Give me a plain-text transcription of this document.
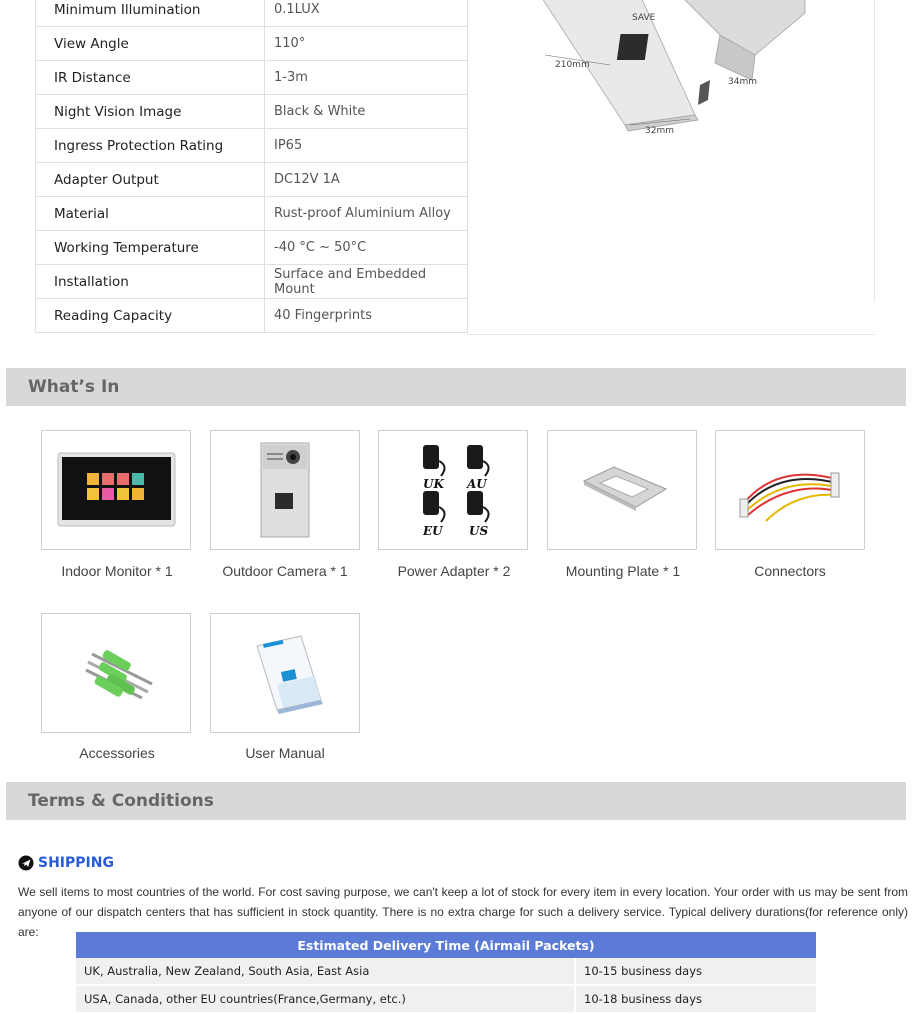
Minimum Illumination	0.1LUX
View Angle	110°
IR Distance	1-3m
Night Vision Image	Black & White
Ingress Protection Rating	IP65
Adapter Output	DC12V 1A
Material	Rust-proof Aluminium Alloy
Working Temperature	-40 °C ~ 50°C
Installation	Surface and Embedded Mount
Reading Capacity	40 Fingerprints
SAVE
210mm
34mm
32mm
What’s In
Indoor Monitor * 1	Outdoor Camera * 1
UK AU
EU US
Power Adapter * 2	Mounting Plate * 1	Connectors
Accessories	User Manual
Terms & Conditions
SHIPPING
We sell items to most countries of the world. For cost saving purpose, we can't keep a lot of stock for every item in every location. Your order with us may be sent from anyone of our dispatch centers that has sufficient in stock quantity. There is no extra charge for such a delivery service. Typical delivery durations(for reference only) are:
Estimated Delivery Time (Airmail Packets)	
UK, Australia, New Zealand, South Asia, East Asia	10-15 business days
USA, Canada, other EU countries(France,Germany, etc.)	10-18 business days
